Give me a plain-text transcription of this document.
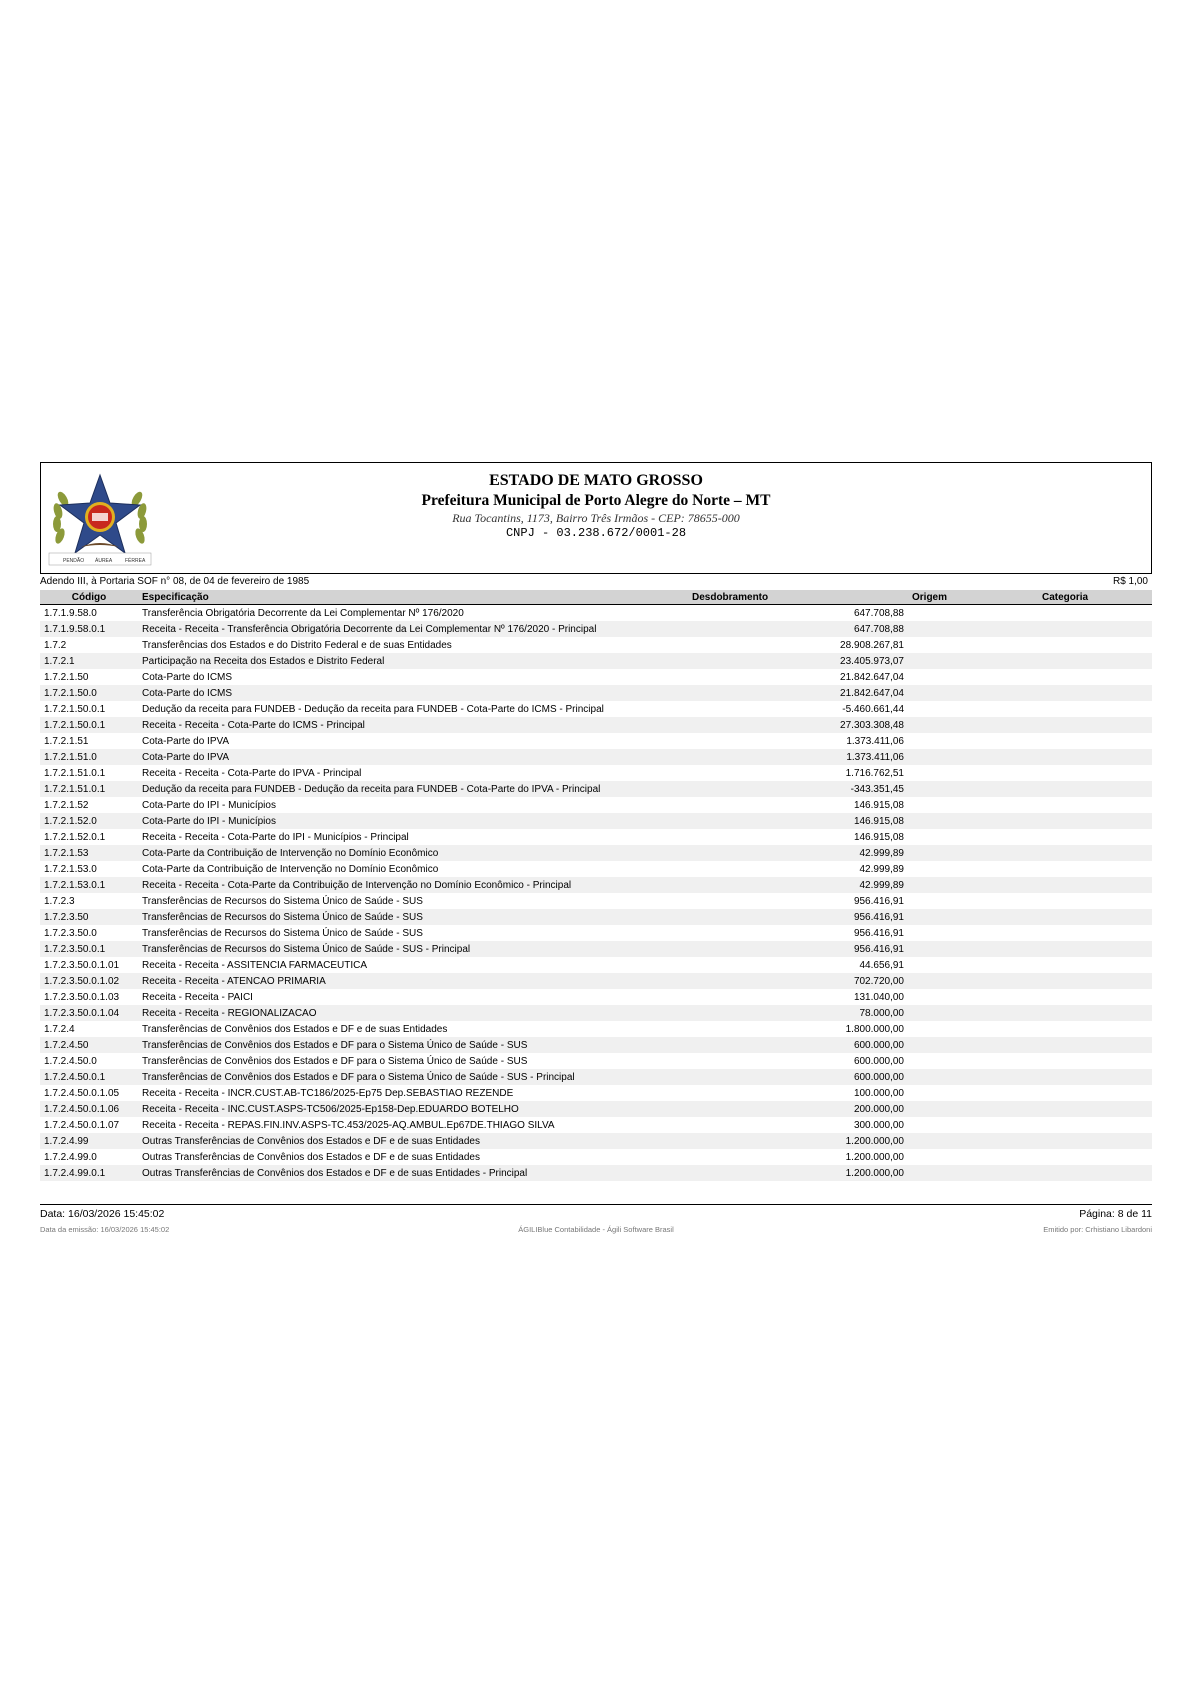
PENDÃO ÁUREA	FÉRREA
ESTADO DE MATO GROSSO
Prefeitura Municipal de Porto Alegre do Norte – MT
Rua Tocantins, 1173, Bairro Três Irmãos - CEP: 78655-000
CNPJ - 03.238.672/0001-28
Adendo III, à Portaria SOF n° 08, de 04 de fevereiro de 1985	R$ 1,00
Código	Especificação	Desdobramento	Origem	Categoria
1.7.1.9.58.0	Transferência Obrigatória Decorrente da Lei Complementar Nº 176/2020	647.708,88		
1.7.1.9.58.0.1	Receita - Receita - Transferência Obrigatória Decorrente da Lei Complementar Nº 176/2020 - Principal	647.708,88		
1.7.2	Transferências dos Estados e do Distrito Federal e de suas Entidades	28.908.267,81		
1.7.2.1	Participação na Receita dos Estados e Distrito Federal	23.405.973,07		
1.7.2.1.50	Cota-Parte do ICMS	21.842.647,04		
1.7.2.1.50.0	Cota-Parte do ICMS	21.842.647,04		
1.7.2.1.50.0.1	Dedução da receita para FUNDEB - Dedução da receita para FUNDEB - Cota-Parte do ICMS - Principal	-5.460.661,44		
1.7.2.1.50.0.1	Receita - Receita - Cota-Parte do ICMS - Principal	27.303.308,48		
1.7.2.1.51	Cota-Parte do IPVA	1.373.411,06		
1.7.2.1.51.0	Cota-Parte do IPVA	1.373.411,06		
1.7.2.1.51.0.1	Receita - Receita - Cota-Parte do IPVA - Principal	1.716.762,51		
1.7.2.1.51.0.1	Dedução da receita para FUNDEB - Dedução da receita para FUNDEB - Cota-Parte do IPVA - Principal	-343.351,45		
1.7.2.1.52	Cota-Parte do IPI - Municípios	146.915,08		
1.7.2.1.52.0	Cota-Parte do IPI - Municípios	146.915,08		
1.7.2.1.52.0.1	Receita - Receita - Cota-Parte do IPI - Municípios - Principal	146.915,08		
1.7.2.1.53	Cota-Parte da Contribuição de Intervenção no Domínio Econômico	42.999,89		
1.7.2.1.53.0	Cota-Parte da Contribuição de Intervenção no Domínio Econômico	42.999,89		
1.7.2.1.53.0.1	Receita - Receita - Cota-Parte da Contribuição de Intervenção no Domínio Econômico - Principal	42.999,89		
1.7.2.3	Transferências de Recursos do Sistema Único de Saúde - SUS	956.416,91		
1.7.2.3.50	Transferências de Recursos do Sistema Único de Saúde - SUS	956.416,91		
1.7.2.3.50.0	Transferências de Recursos do Sistema Único de Saúde - SUS	956.416,91		
1.7.2.3.50.0.1	Transferências de Recursos do Sistema Único de Saúde - SUS - Principal	956.416,91		
1.7.2.3.50.0.1.01	Receita - Receita - ASSITENCIA FARMACEUTICA	44.656,91		
1.7.2.3.50.0.1.02	Receita - Receita - ATENCAO PRIMARIA	702.720,00		
1.7.2.3.50.0.1.03	Receita - Receita - PAICI	131.040,00		
1.7.2.3.50.0.1.04	Receita - Receita - REGIONALIZACAO	78.000,00		
1.7.2.4	Transferências de Convênios dos Estados e DF e de suas Entidades	1.800.000,00		
1.7.2.4.50	Transferências de Convênios dos Estados e DF para o Sistema Único de Saúde - SUS	600.000,00		
1.7.2.4.50.0	Transferências de Convênios dos Estados e DF para o Sistema Único de Saúde - SUS	600.000,00		
1.7.2.4.50.0.1	Transferências de Convênios dos Estados e DF para o Sistema Único de Saúde - SUS - Principal	600.000,00		
1.7.2.4.50.0.1.05	Receita - Receita - INCR.CUST.AB-TC186/2025-Ep75 Dep.SEBASTIAO REZENDE	100.000,00		
1.7.2.4.50.0.1.06	Receita - Receita - INC.CUST.ASPS-TC506/2025-Ep158-Dep.EDUARDO BOTELHO	200.000,00		
1.7.2.4.50.0.1.07	Receita - Receita - REPAS.FIN.INV.ASPS-TC.453/2025-AQ.AMBUL.Ep67DE.THIAGO SILVA	300.000,00		
1.7.2.4.99	Outras Transferências de Convênios dos Estados e DF e de suas Entidades	1.200.000,00		
1.7.2.4.99.0	Outras Transferências de Convênios dos Estados e DF e de suas Entidades	1.200.000,00		
1.7.2.4.99.0.1	Outras Transferências de Convênios dos Estados e DF e de suas Entidades - Principal	1.200.000,00		
Data: 16/03/2026 15:45:02	Página: 8 de 11
Data da emissão: 16/03/2026 15:45:02	ÁGILIBlue Contabilidade - Ágili Software Brasil	Emitido por: Crhistiano Libardoni
